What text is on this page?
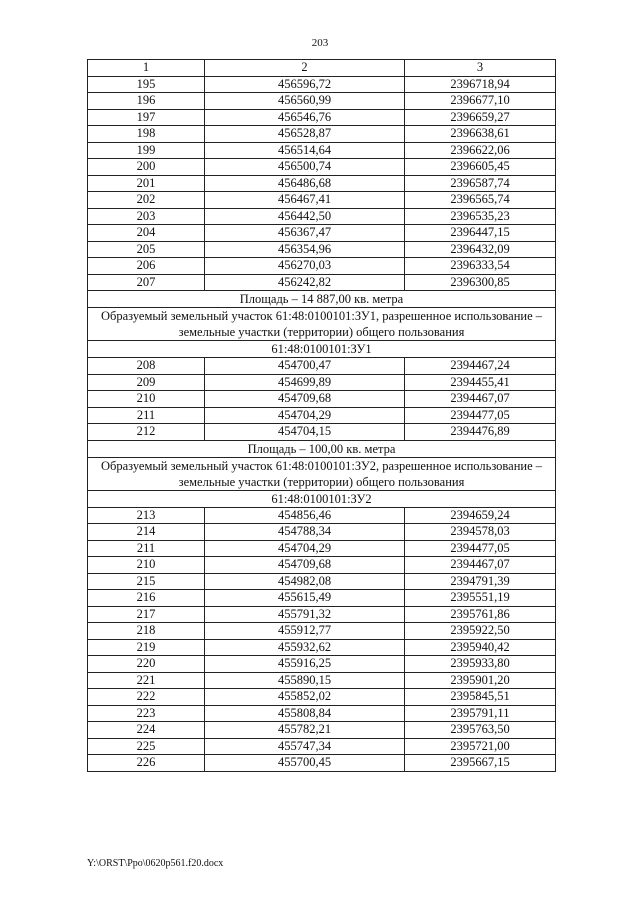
203
1	2	3
195	456596,72	2396718,94
196	456560,99	2396677,10
197	456546,76	2396659,27
198	456528,87	2396638,61
199	456514,64	2396622,06
200	456500,74	2396605,45
201	456486,68	2396587,74
202	456467,41	2396565,74
203	456442,50	2396535,23
204	456367,47	2396447,15
205	456354,96	2396432,09
206	456270,03	2396333,54
207	456242,82	2396300,85
Площадь – 14 887,00 кв. метра		
Образуемый земельный участок 61:48:0100101:ЗУ1, разрешенное использование – земельные участки (территории) общего пользования		
61:48:0100101:ЗУ1		
208	454700,47	2394467,24
209	454699,89	2394455,41
210	454709,68	2394467,07
211	454704,29	2394477,05
212	454704,15	2394476,89
Площадь – 100,00 кв. метра		
Образуемый земельный участок 61:48:0100101:ЗУ2, разрешенное использование – земельные участки (территории) общего пользования		
61:48:0100101:ЗУ2		
213	454856,46	2394659,24
214	454788,34	2394578,03
211	454704,29	2394477,05
210	454709,68	2394467,07
215	454982,08	2394791,39
216	455615,49	2395551,19
217	455791,32	2395761,86
218	455912,77	2395922,50
219	455932,62	2395940,42
220	455916,25	2395933,80
221	455890,15	2395901,20
222	455852,02	2395845,51
223	455808,84	2395791,11
224	455782,21	2395763,50
225	455747,34	2395721,00
226	455700,45	2395667,15
Y:\ORST\Ppo\0620p561.f20.docx
